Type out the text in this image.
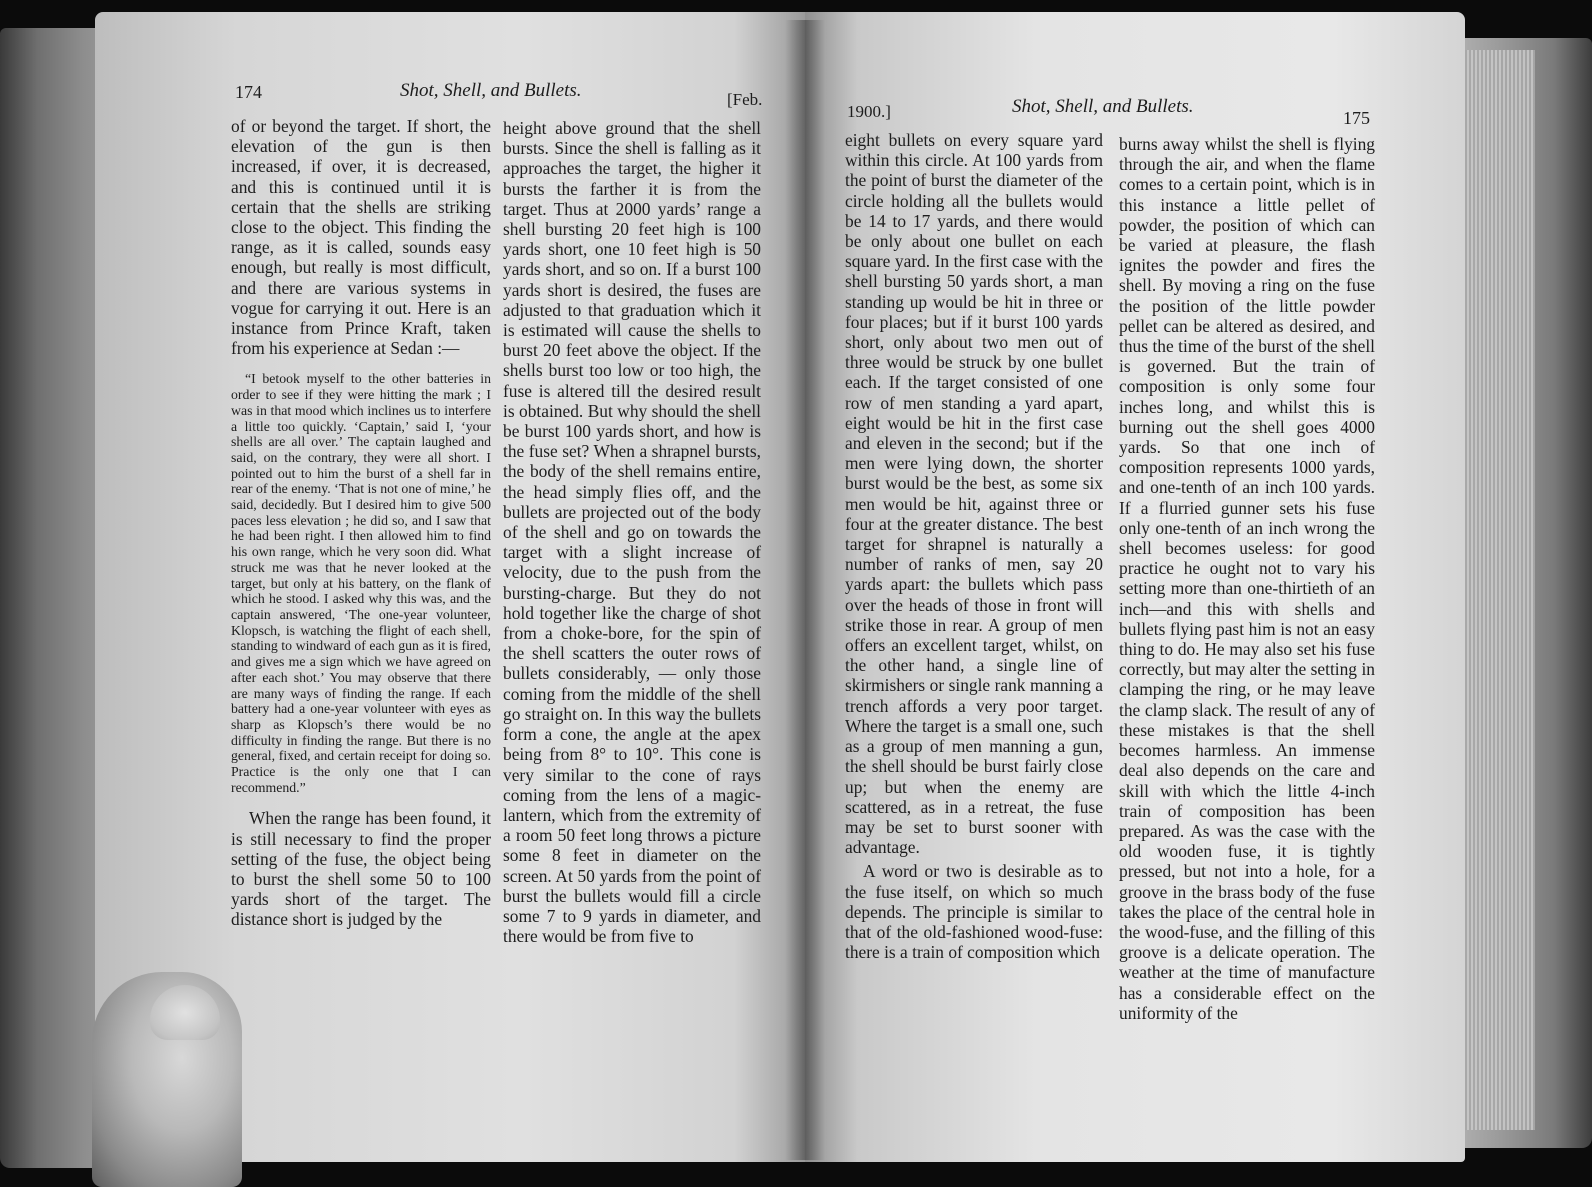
174	Shot, Shell, and Bullets.	[Feb.

of or beyond the target. If short, the elevation of the gun is then increased, if over, it is decreased, and this is continued until it is certain that the shells are striking close to the object. This finding the range, as it is called, sounds easy enough, but really is most difficult, and there are various systems in vogue for carrying it out. Here is an instance from Prince Kraft, taken from his experience at Sedan :—

“I betook myself to the other batteries in order to see if they were hitting the mark ; I was in that mood which inclines us to interfere a little too quickly. ‘Captain,’ said I, ‘your shells are all over.’ The captain laughed and said, on the contrary, they were all short. I pointed out to him the burst of a shell far in rear of the enemy. ‘That is not one of mine,’ he said, decidedly. But I desired him to give 500 paces less elevation ; he did so, and I saw that he had been right. I then allowed him to find his own range, which he very soon did. What struck me was that he never looked at the target, but only at his battery, on the flank of which he stood. I asked why this was, and the captain answered, ‘The one-year volunteer, Klopsch, is watching the flight of each shell, standing to windward of each gun as it is fired, and gives me a sign which we have agreed on after each shot.’ You may observe that there are many ways of finding the range. If each battery had a one-year volunteer with eyes as sharp as Klopsch’s there would be no difficulty in finding the range. But there is no general, fixed, and certain receipt for doing so. Practice is the only one that I can recommend.”

When the range has been found, it is still necessary to find the proper setting of the fuse, the object being to burst the shell some 50 to 100 yards short of the target. The distance short is judged by the

height above ground that the shell bursts. Since the shell is falling as it approaches the target, the higher it bursts the farther it is from the target. Thus at 2000 yards’ range a shell bursting 20 feet high is 100 yards short, one 10 feet high is 50 yards short, and so on. If a burst 100 yards short is desired, the fuses are adjusted to that graduation which it is estimated will cause the shells to burst 20 feet above the object. If the shells burst too low or too high, the fuse is altered till the desired result is obtained. But why should the shell be burst 100 yards short, and how is the fuse set? When a shrapnel bursts, the body of the shell remains entire, the head simply flies off, and the bullets are projected out of the body of the shell and go on towards the target with a slight increase of velocity, due to the push from the bursting-charge. But they do not hold together like the charge of shot from a choke-bore, for the spin of the shell scatters the outer rows of bullets considerably, — only those coming from the middle of the shell go straight on. In this way the bullets form a cone, the angle at the apex being from 8° to 10°. This cone is very similar to the cone of rays coming from the lens of a magic-lantern, which from the extremity of a room 50 feet long throws a picture some 8 feet in diameter on the screen. At 50 yards from the point of burst the bullets would fill a circle some 7 to 9 yards in diameter, and there would be from five to

1900.]	Shot, Shell, and Bullets.
175

eight bullets on every square yard within this circle. At 100 yards from the point of burst the diameter of the circle holding all the bullets would be 14 to 17 yards, and there would be only about one bullet on each square yard. In the first case with the shell bursting 50 yards short, a man standing up would be hit in three or four places; but if it burst 100 yards short, only about two men out of three would be struck by one bullet each. If the target consisted of one row of men standing a yard apart, eight would be hit in the first case and eleven in the second; but if the men were lying down, the shorter burst would be the best, as some six men would be hit, against three or four at the greater distance. The best target for shrapnel is naturally a number of ranks of men, say 20 yards apart: the bullets which pass over the heads of those in front will strike those in rear. A group of men offers an excellent target, whilst, on the other hand, a single line of skirmishers or single rank manning a trench affords a very poor target. Where the target is a small one, such as a group of men manning a gun, the shell should be burst fairly close up; but when the enemy are scattered, as in a retreat, the fuse may be set to burst sooner with advantage.

A word or two is desirable as to the fuse itself, on which so much depends. The principle is similar to that of the old-fashioned wood-fuse: there is a train of composition which

burns away whilst the shell is flying through the air, and when the flame comes to a certain point, which is in this instance a little pellet of powder, the position of which can be varied at pleasure, the flash ignites the powder and fires the shell. By moving a ring on the fuse the position of the little powder pellet can be altered as desired, and thus the time of the burst of the shell is governed. But the train of composition is only some four inches long, and whilst this is burning out the shell goes 4000 yards. So that one inch of composition represents 1000 yards, and one-tenth of an inch 100 yards. If a flurried gunner sets his fuse only one-tenth of an inch wrong the shell becomes useless: for good practice he ought not to vary his setting more than one-thirtieth of an inch—and this with shells and bullets flying past him is not an easy thing to do. He may also set his fuse correctly, but may alter the setting in clamping the ring, or he may leave the clamp slack. The result of any of these mistakes is that the shell becomes harmless. An immense deal also depends on the care and skill with which the little 4-inch train of composition has been prepared. As was the case with the old wooden fuse, it is tightly pressed, but not into a hole, for a groove in the brass body of the fuse takes the place of the central hole in the wood-fuse, and the filling of this groove is a delicate operation. The weather at the time of manufacture has a considerable effect on the uniformity of the
